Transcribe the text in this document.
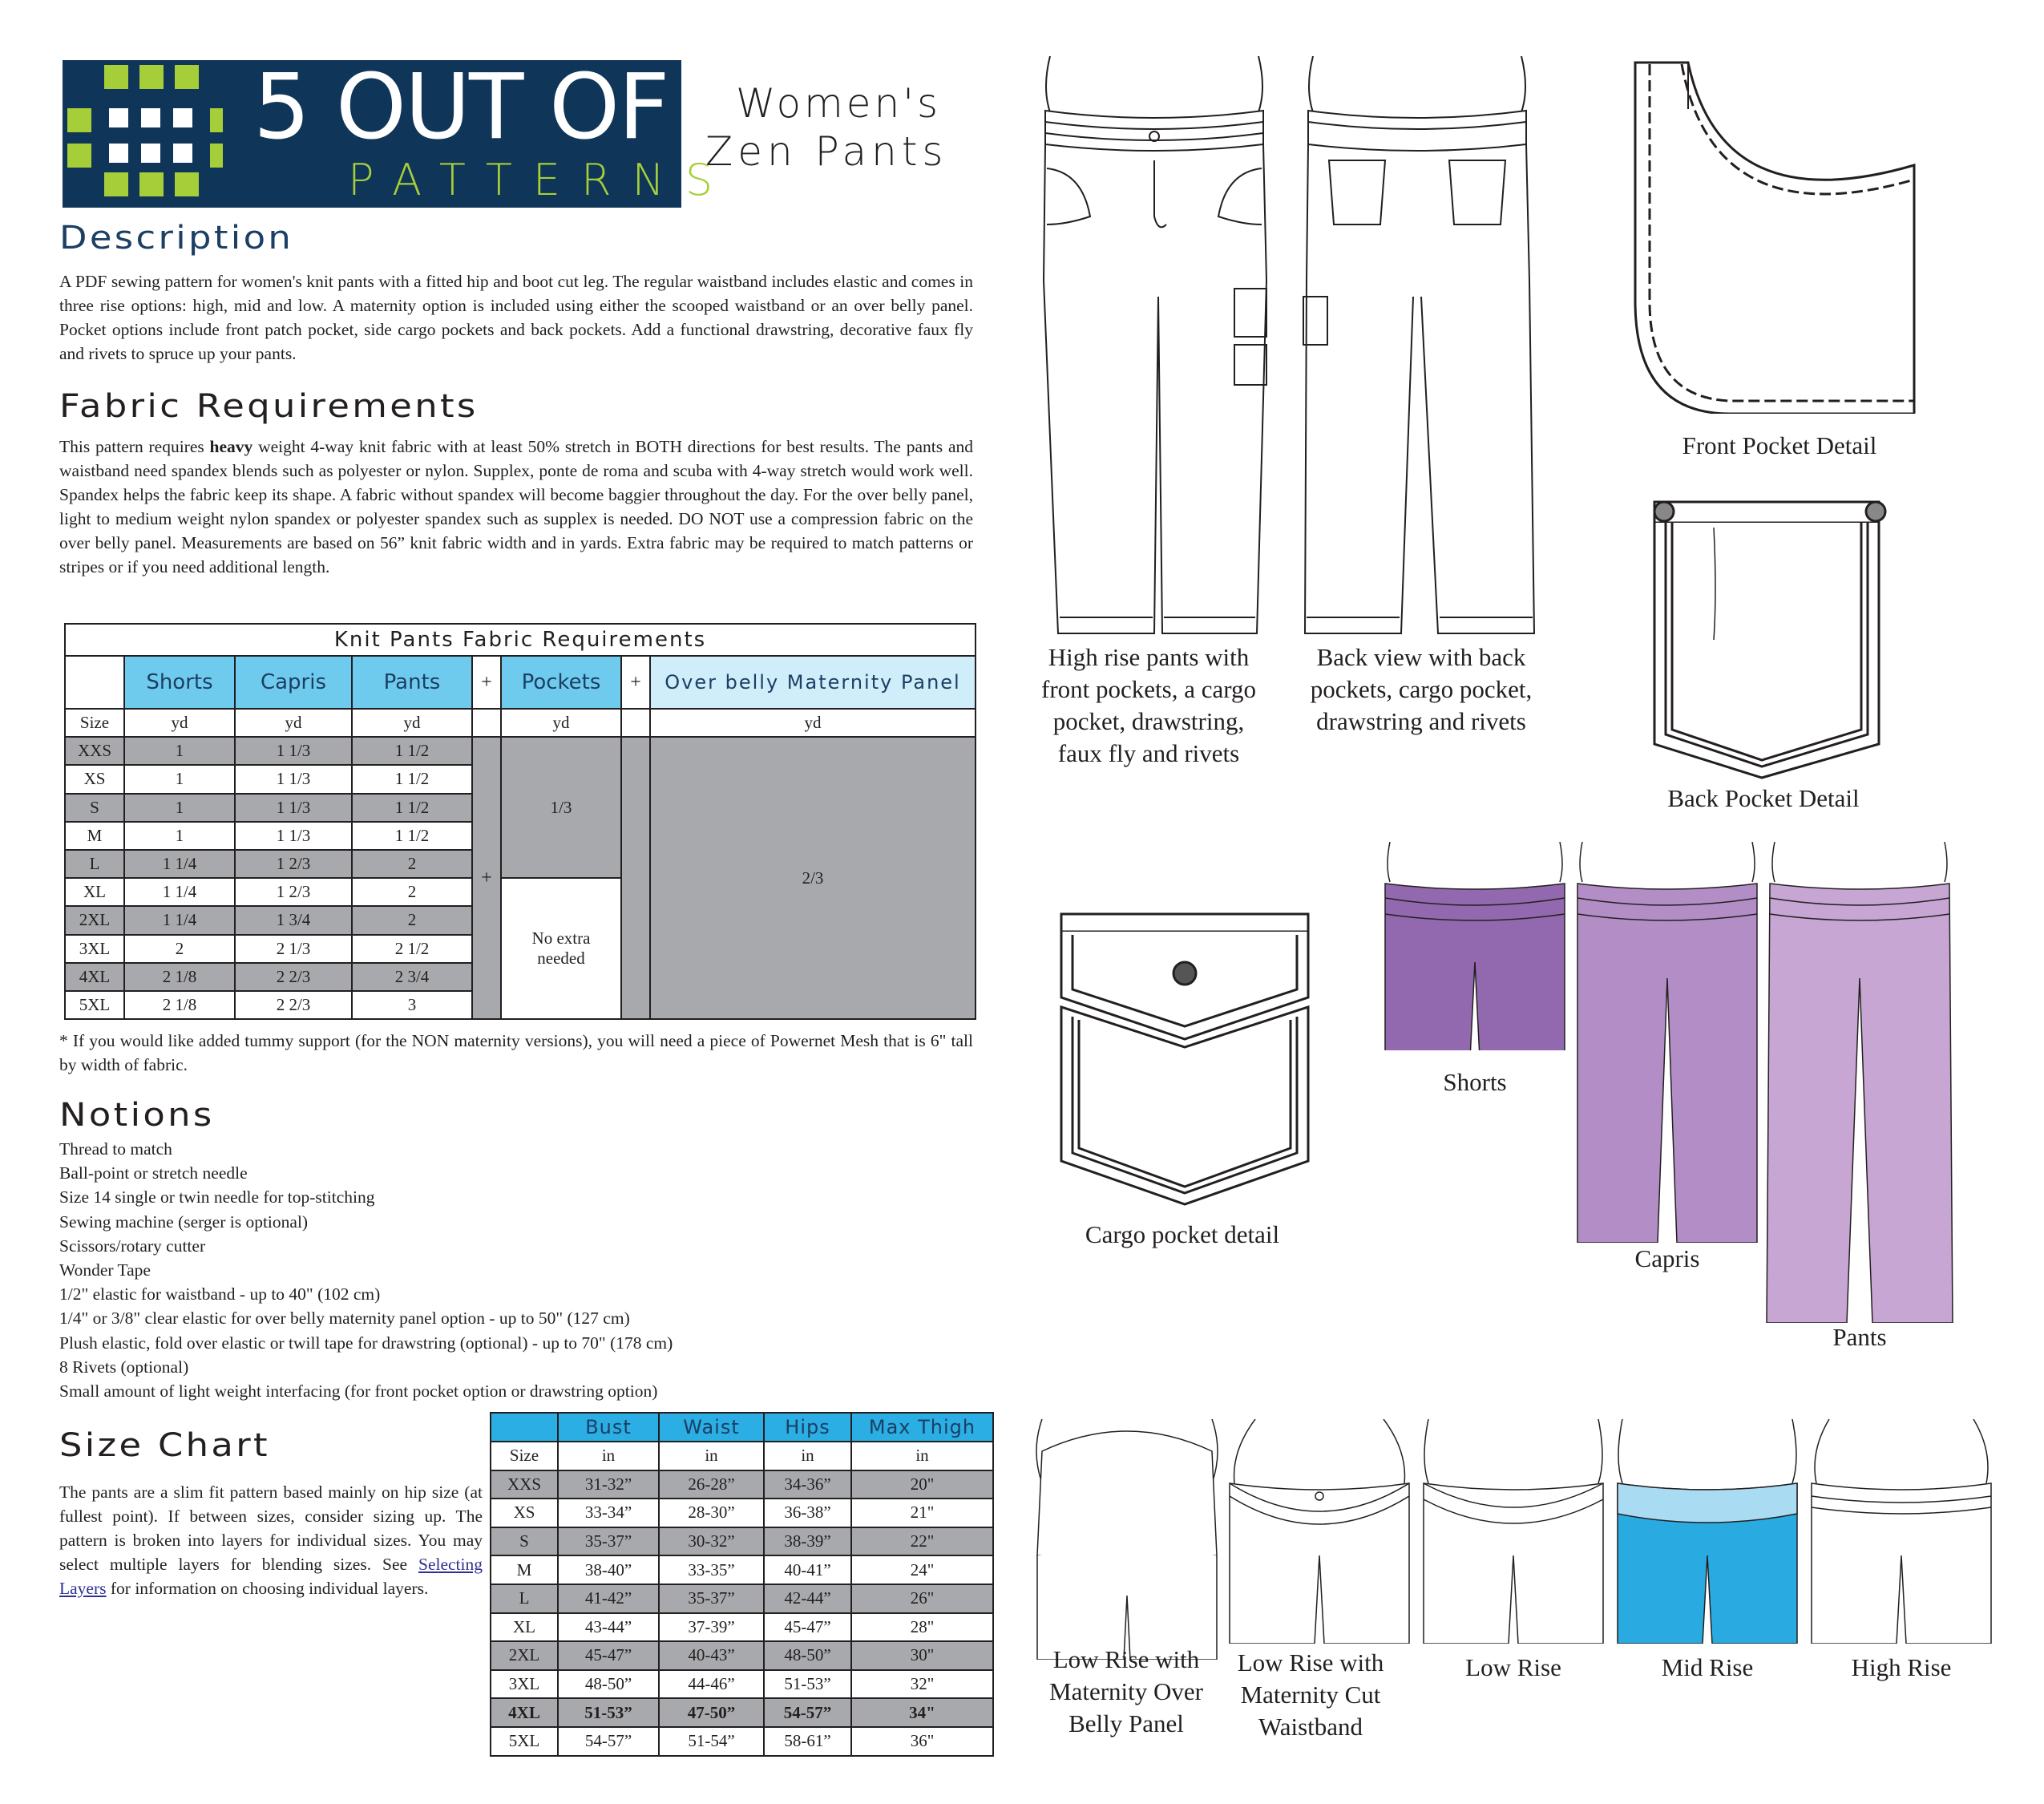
5 OUT OF 4
PATTERNS
Women's
Zen Pants
Description
A PDF sewing pattern for women's knit pants with a fitted hip and boot cut leg. The regular waistband includes elastic and comes in three rise options: high, mid and low. A maternity option is included using either the scooped waistband or an over belly panel. Pocket options include front patch pocket, side cargo pockets and back pockets. Add a functional drawstring, decorative faux fly and rivets to spruce up your pants.
Fabric Requirements
This pattern requires heavy weight 4-way knit fabric with at least 50% stretch in BOTH directions for best results. The pants and waistband need spandex blends such as polyester or nylon. Supplex, ponte de roma and scuba with 4-way stretch would work well. Spandex helps the fabric keep its shape. A fabric without spandex will become baggier throughout the day. For the over belly panel, light to medium weight nylon spandex or polyester spandex such as supplex is needed. DO NOT use a compression fabric on the over belly panel. Measurements are based on 56” knit fabric width and in yards. Extra fabric may be required to match patterns or stripes or if you need additional length.
Knit Pants Fabric Requirements							
	Shorts	Capris	Pants	+	Pockets	+	Over belly Maternity Panel
Size	yd	yd	yd		yd		yd
XXS	1	1 1/3	1 1/2	+	1/3		2/3
XS	1	1 1/3	1 1/2				
S	1	1 1/3	1 1/2				
M	1	1 1/3	1 1/2				
L	1 1/4	1 2/3	2				
XL	1 1/4	1 2/3	2		No extra
needed		
2XL	1 1/4	1 3/4	2				
3XL	2	2 1/3	2 1/2				
4XL	2 1/8	2 2/3	2 3/4				
5XL	2 1/8	2 2/3	3				
* If you would like added tummy support (for the NON maternity versions), you will need a piece of Powernet Mesh that is 6" tall by width of fabric.
Notions
Thread to match
Ball-point or stretch needle
Size 14 single or twin needle for top-stitching
Sewing machine (serger is optional)
Scissors/rotary cutter
Wonder Tape
1/2" elastic for waistband - up to 40" (102 cm)
1/4" or 3/8" clear elastic for over belly maternity panel option - up to 50" (127 cm)
Plush elastic, fold over elastic or twill tape for drawstring (optional) - up to 70" (178 cm)
8 Rivets (optional)
Small amount of light weight interfacing (for front pocket option or drawstring option)
Size Chart
The pants are a slim fit pattern based mainly on hip size (at fullest point). If between sizes, consider sizing up. The pattern is broken into layers for individual sizes. You may select multiple layers for blending sizes. See Selecting Layers for information on choosing individual layers.
	Bust	Waist	Hips	Max Thigh
Size	in	in	in	in
XXS	31-32”	26-28”	34-36”	20"
XS	33-34”	28-30”	36-38”	21"
S	35-37”	30-32”	38-39”	22"
M	38-40”	33-35”	40-41”	24"
L	41-42”	35-37”	42-44”	26"
XL	43-44”	37-39”	45-47”	28"
2XL	45-47”	40-43”	48-50”	30"
3XL	48-50”	44-46”	51-53”	32"
4XL	51-53”	47-50”	54-57”	34"
5XL	54-57”	51-54”	58-61”	36"
High rise pants with
front pockets, a cargo
pocket, drawstring,
faux fly and rivets
Back view with back
pockets, cargo pocket,
drawstring and rivets
Front Pocket Detail
Back Pocket Detail
Cargo pocket detail
Shorts
Capris
Pants
Low Rise with
Maternity Over
Belly Panel
Low Rise with
Maternity Cut
Waistband
Low Rise	Mid Rise	High Rise
